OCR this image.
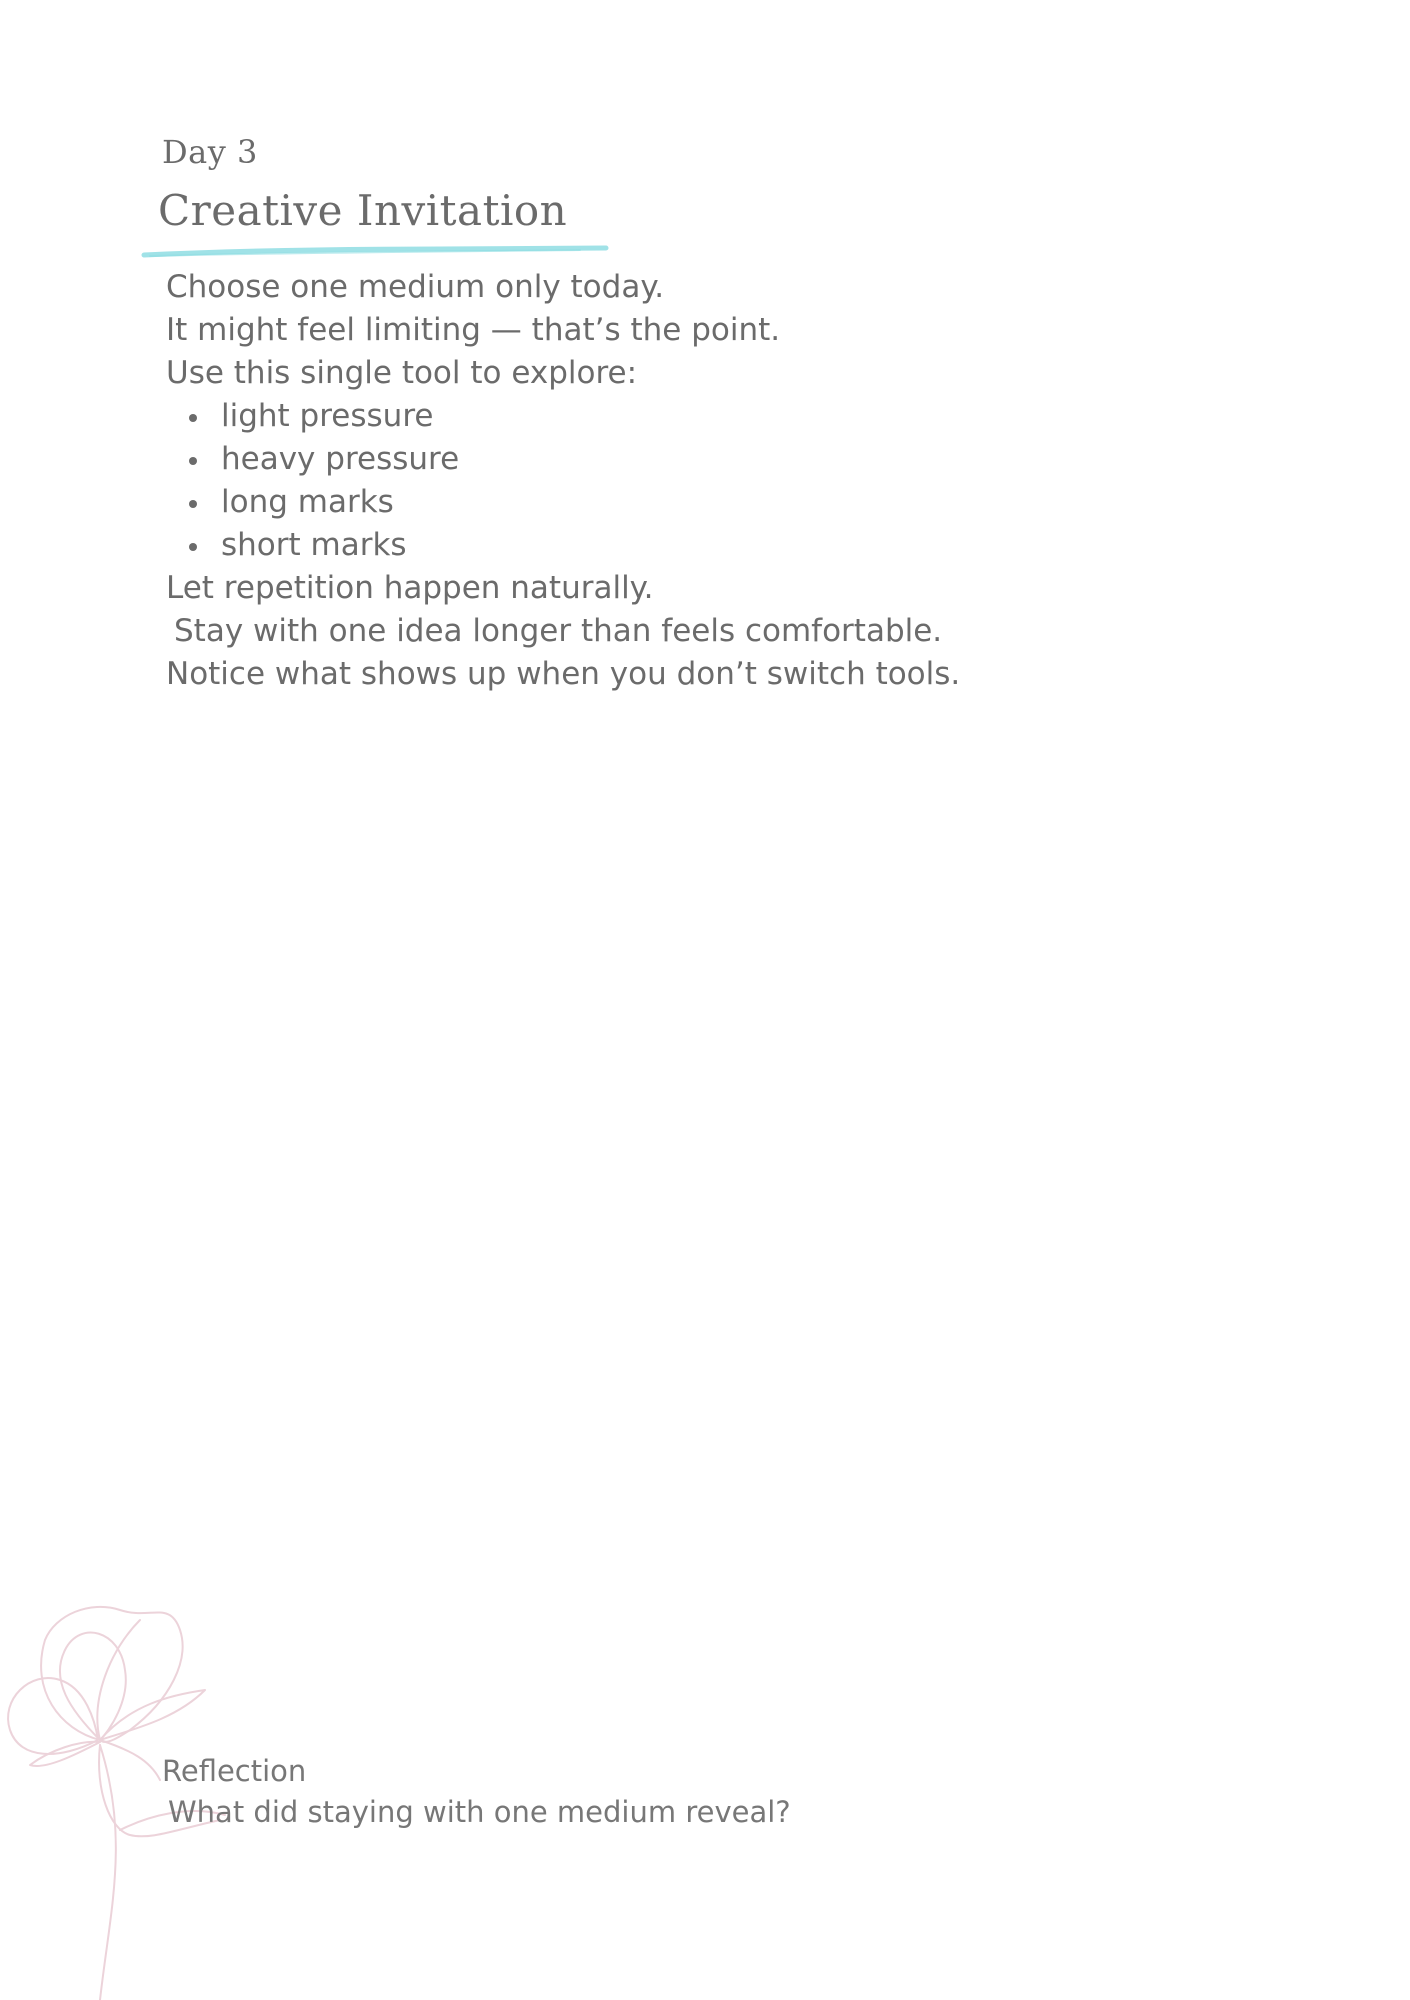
Day 3
Creative Invitation

Choose one medium only today.

It might feel limiting — that’s the point.

Use this single tool to explore:

light pressure
heavy pressure
long marks
short marks

Let repetition happen naturally.

Stay with one idea longer than feels comfortable.

Notice what shows up when you don’t switch tools.

Reflection
What did staying with one medium reveal?
